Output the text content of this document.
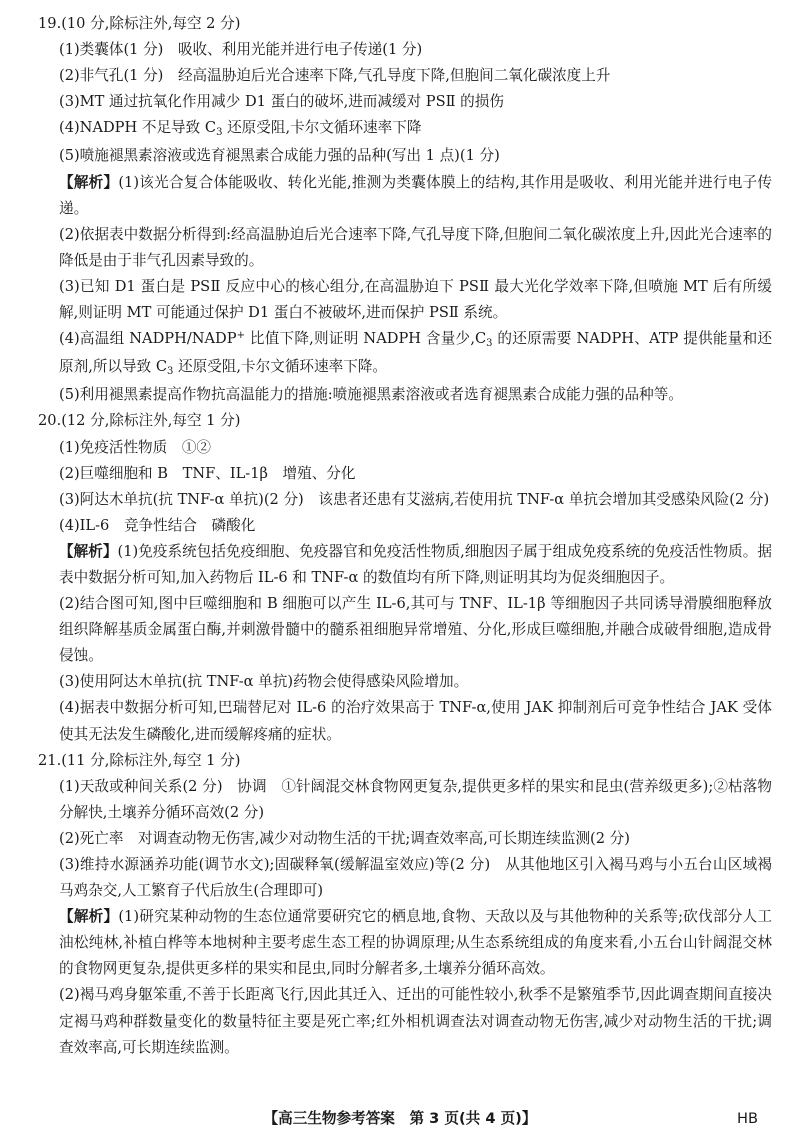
19.(10 分,除标注外,每空 2 分)
(1)类囊体(1 分)　吸收、利用光能并进行电子传递(1 分)
(2)非气孔(1 分)　经高温胁迫后光合速率下降,气孔导度下降,但胞间二氧化碳浓度上升
(3)MT 通过抗氧化作用减少 D1 蛋白的破坏,进而减缓对 PSⅡ 的损伤
(4)NADPH 不足导致 $C_3$ 还原受阻,卡尔文循环速率下降
(5)喷施褪黑素溶液或选育褪黑素合成能力强的品种(写出 1 点)(1 分)
【解析】(1)该光合复合体能吸收、转化光能,推测为类囊体膜上的结构,其作用是吸收、利用光能并进行电子传递。
(2)依据表中数据分析得到:经高温胁迫后光合速率下降,气孔导度下降,但胞间二氧化碳浓度上升,因此光合速率的降低是由于非气孔因素导致的。
(3)已知 D1 蛋白是 PSⅡ 反应中心的核心组分,在高温胁迫下 PSⅡ 最大光化学效率下降,但喷施 MT 后有所缓解,则证明 MT 可能通过保护 D1 蛋白不被破坏,进而保护 PSⅡ 系统。
(4)高温组 NADPH/NADP+ 比值下降,则证明 NADPH 含量少$,C_3$ 的还原需要 NADPH、ATP 提供能量和还原剂,所以导致 $C_3$ 还原受阻,卡尔文循环速率下降。
(5)利用褪黑素提高作物抗高温能力的措施:喷施褪黑素溶液或者选育褪黑素合成能力强的品种等。
20.(12 分,除标注外,每空 1 分)
(1)免疫活性物质　①②
(2)巨噬细胞和 B　TNF、IL-1β　增殖、分化
(3)阿达木单抗(抗 TNF-α 单抗)(2 分)　该患者还患有艾滋病,若使用抗 TNF-α 单抗会增加其受感染风险(2 分)
(4)IL-6　竞争性结合　磷酸化
【解析】(1)免疫系统包括免疫细胞、免疫器官和免疫活性物质,细胞因子属于组成免疫系统的免疫活性物质。据表中数据分析可知,加入药物后 IL-6 和 TNF-α 的数值均有所下降,则证明其均为促炎细胞因子。
(2)结合图可知,图中巨噬细胞和 B 细胞可以产生 IL-6,其可与 TNF、IL-1β 等细胞因子共同诱导滑膜细胞释放组织降解基质金属蛋白酶,并刺激骨髓中的髓系祖细胞异常增殖、分化,形成巨噬细胞,并融合成破骨细胞,造成骨侵蚀。
(3)使用阿达木单抗(抗 TNF-α 单抗)药物会使得感染风险增加。
(4)据表中数据分析可知,巴瑞替尼对 IL-6 的治疗效果高于 TNF-α,使用 JAK 抑制剂后可竞争性结合 JAK 受体使其无法发生磷酸化,进而缓解疼痛的症状。
21.(11 分,除标注外,每空 1 分)
(1)天敌或种间关系(2 分)　协调　①针阔混交林食物网更复杂,提供更多样的果实和昆虫(营养级更多);②枯落物分解快,土壤养分循环高效(2 分)
(2)死亡率　对调查动物无伤害,减少对动物生活的干扰;调查效率高,可长期连续监测(2 分)
(3)维持水源涵养功能(调节水文);固碳释氧(缓解温室效应)等(2 分)　从其他地区引入褐马鸡与小五台山区域褐马鸡杂交,人工繁育子代后放生(合理即可)
【解析】(1)研究某种动物的生态位通常要研究它的栖息地,食物、天敌以及与其他物种的关系等;砍伐部分人工油松纯林,补植白桦等本地树种主要考虑生态工程的协调原理;从生态系统组成的角度来看,小五台山针阔混交林的食物网更复杂,提供更多样的果实和昆虫,同时分解者多,土壤养分循环高效。
(2)褐马鸡身躯笨重,不善于长距离飞行,因此其迁入、迁出的可能性较小,秋季不是繁殖季节,因此调查期间直接决定褐马鸡种群数量变化的数量特征主要是死亡率;红外相机调查法对调查动物无伤害,减少对动物生活的干扰;调查效率高,可长期连续监测。
【高三生物参考答案　 第 3 页(共 4 页)】	HB
